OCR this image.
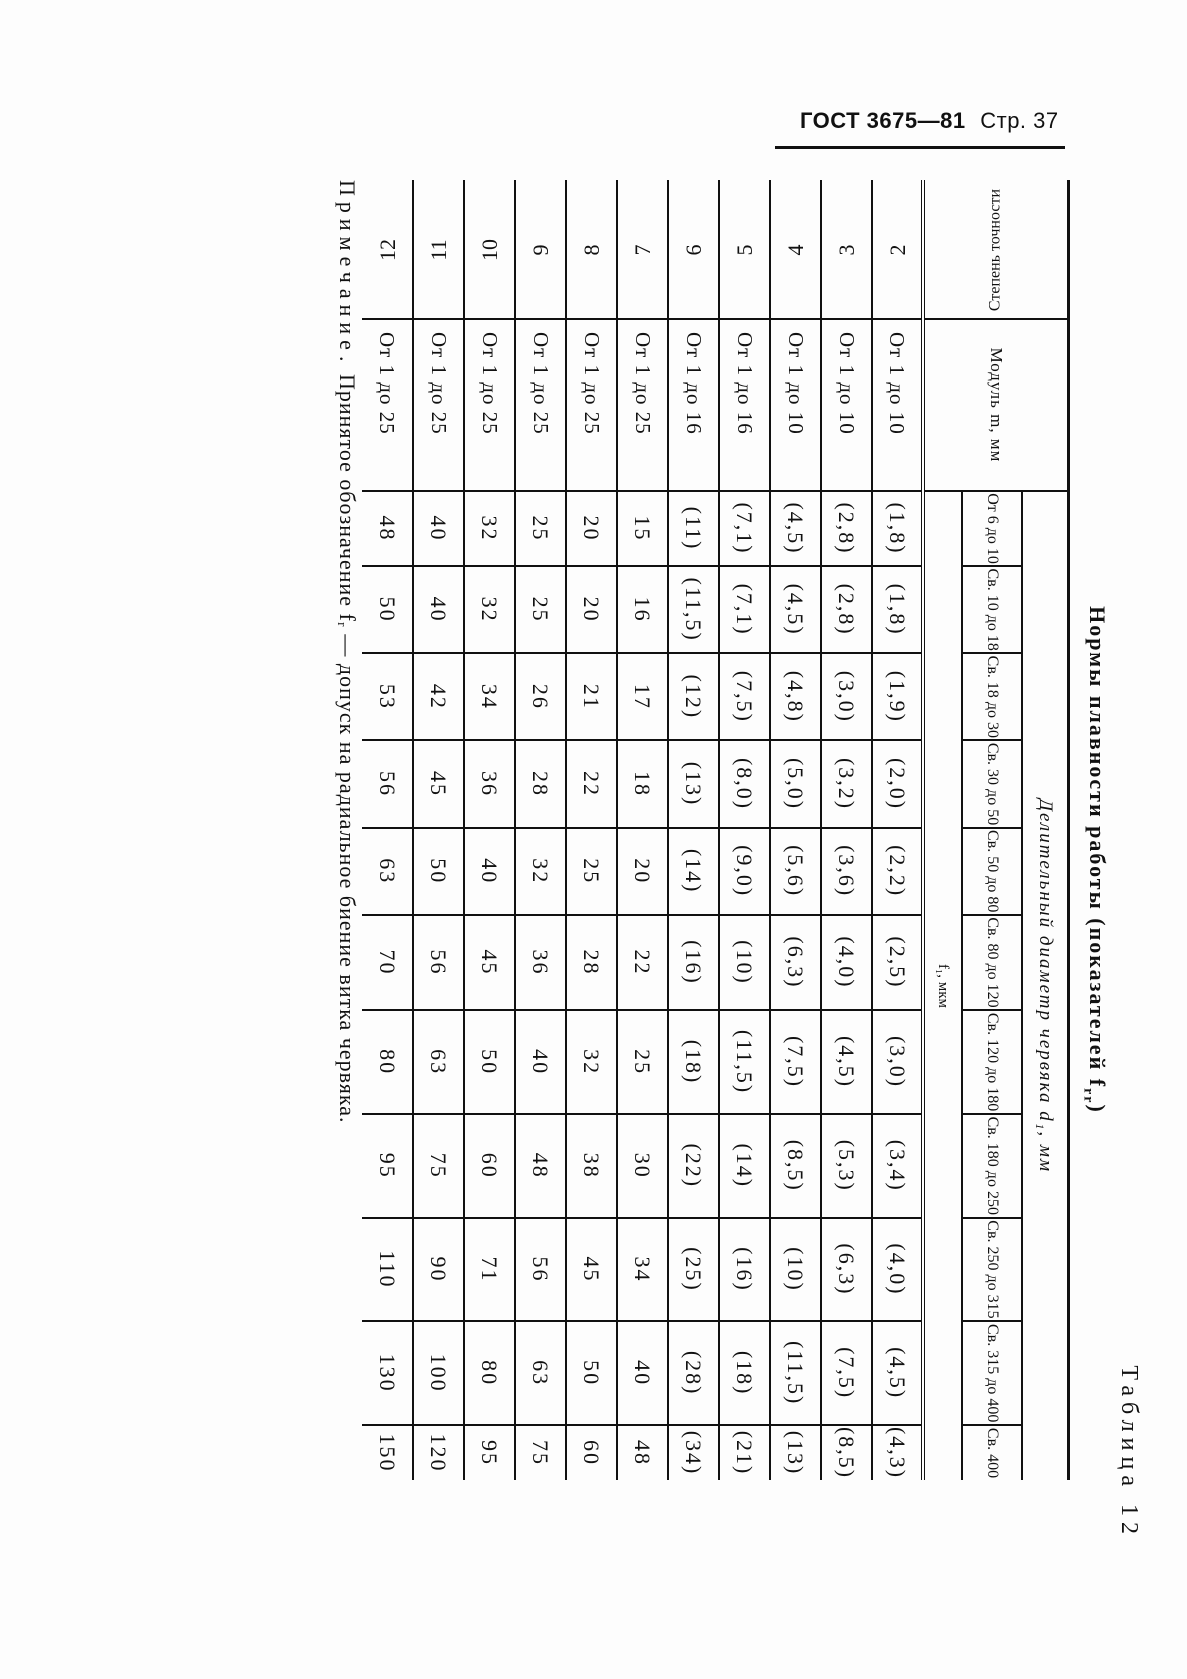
ГОСТ 3675—81 Стр. 37
Таблица 12
Нормы плавности работы (показателей $f_{rr}$)
Степень точности	Модуль m, мм	Делительный диаметр червяка d₁, мм										
		От 6 до 10	Св. 10 до 18	Св. 18 до 30	Св. 30 до 50	Св. 50 до 80	Св. 80 до 120	Св. 120 до 180	Св. 180 до 250	Св. 250 до 315	Св. 315 до 400	Св. 400
		f₁, мкм										
2	От 1 до 10	(1,8)	(1,8)	(1,9)	(2,0)	(2,2)	(2,5)	(3,0)	(3,4)	(4,0)	(4,5)	(4,3)
3	От 1 до 10	(2,8)	(2,8)	(3,0)	(3,2)	(3,6)	(4,0)	(4,5)	(5,3)	(6,3)	(7,5)	(8,5)
4	От 1 до 10	(4,5)	(4,5)	(4,8)	(5,0)	(5,6)	(6,3)	(7,5)	(8,5)	(10)	(11,5)	(13)
5	От 1 до 16	(7,1)	(7,1)	(7,5)	(8,0)	(9,0)	(10)	(11,5)	(14)	(16)	(18)	(21)
6	От 1 до 16	(11)	(11,5)	(12)	(13)	(14)	(16)	(18)	(22)	(25)	(28)	(34)
7	От 1 до 25	15	16	17	18	20	22	25	30	34	40	48
8	От 1 до 25	20	20	21	22	25	28	32	38	45	50	60
9	От 1 до 25	25	25	26	28	32	36	40	48	56	63	75
10	От 1 до 25	32	32	34	36	40	45	50	60	71	80	95
11	От 1 до 25	40	40	42	45	50	56	63	75	90	100	120
12	От 1 до 25	48	50	53	56	63	70	80	95	110	130	150
Примечание. Принятое обозначение fᵣ — допуск на радиальное биение витка червяка.
